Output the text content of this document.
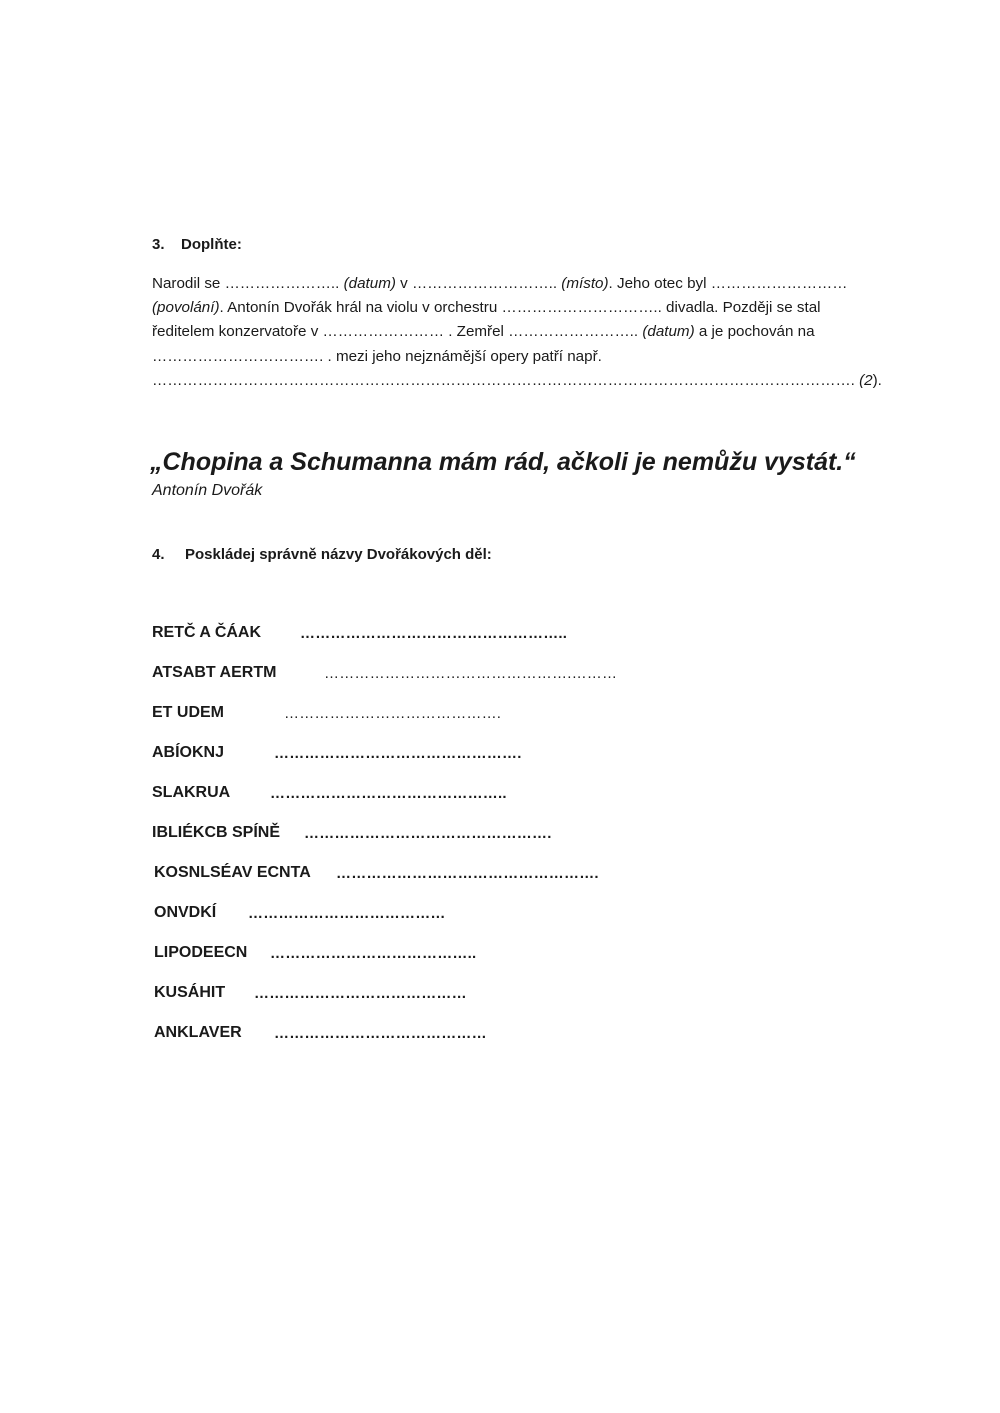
3. Doplňte:
Narodil se ………………….. (datum) v ……………………….. (místo). Jeho otec byl ………………………
(povolání). Antonín Dvořák hrál na violu v orchestru ………………………….. divadla. Později se stal
ředitelem konzervatoře v …………………… . Zemřel …………………….. (datum) a je pochován na
……………………………. . mezi jeho nejznámější opery patří např.
…………………………………………………………………………………………………………………………. (2).
„Chopina a Schumanna mám rád, ačkoli je nemůžu vystát.“
Antonín Dvořák
4. Poskládej správně názvy Dvořákových děl:
RETČ A ČÁAK	……………………………………………..
ATSABT AERTM	………………………………………….………
ET UDEM	…………………………………….
ABÍOKNJ	………………………………………….
SLAKRUA	………………………………………..
IBLIÉKCB SPÍNĚ ………………………………………….
KOSNLSÉAV ECNTA …………………………………………….
ONVDKÍ …………………………………
LIPODEECN …………………………………..
KUSÁHIT ……………………………………
ANKLAVER ……………………………………
